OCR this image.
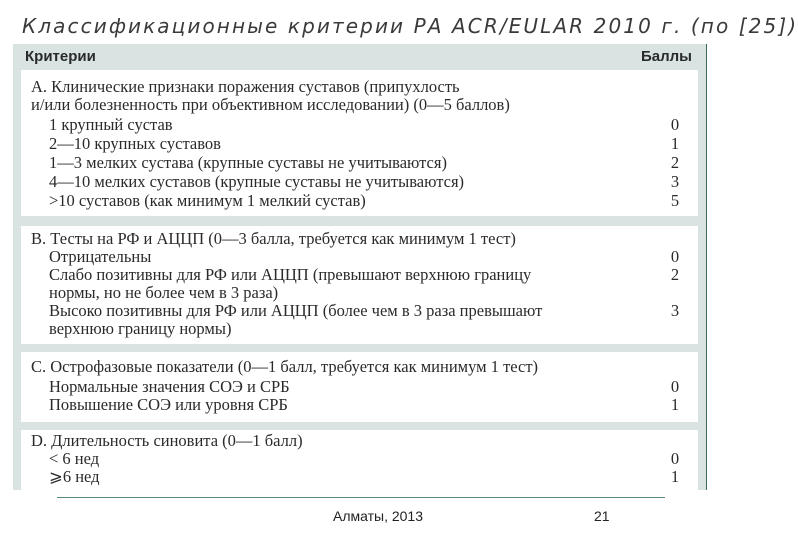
Классификационные критерии РА ACR/EULAR 2010 г. (по [25])
Критерии	Баллы
А. Клинические признаки поражения суставов (припухлость
и/или болезненность при объективном исследовании) (0—5 баллов)
1 крупный сустав	0
2—10 крупных суставов	1
1—3 мелких сустава (крупные суставы не учитываются)	2
4—10 мелких суставов (крупные суставы не учитываются)	3
>10 суставов (как минимум 1 мелкий сустав)	5
В. Тесты на РФ и АЦЦП (0—3 балла, требуется как минимум 1 тест)
Отрицательны	0
Слабо позитивны для РФ или АЦЦП (превышают верхнюю границу	2
нормы, но не более чем в 3 раза)
Высоко позитивны для РФ или АЦЦП (более чем в 3 раза превышают	3
верхнюю границу нормы)
С. Острофазовые показатели (0—1 балл, требуется как минимум 1 тест)
Нормальные значения СОЭ и СРБ	0
Повышение СОЭ или уровня СРБ	1
D. Длительность синовита (0—1 балл)
< 6 нед	0
⩾6 нед	1
Алматы, 2013	21
